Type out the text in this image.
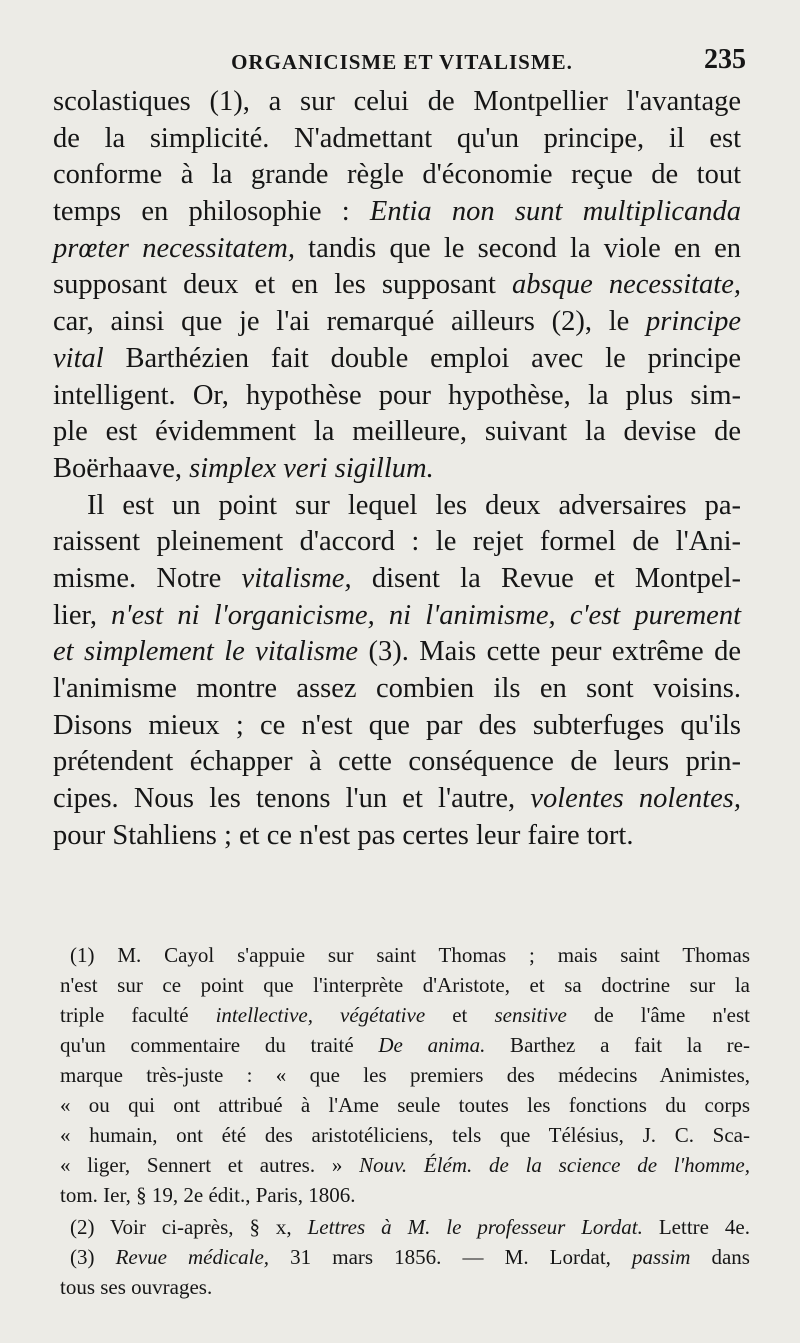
ORGANICISME ET VITALISME.	235
scolastiques (1), a sur celui de Montpellier l'avantage
de la simplicité. N'admettant qu'un principe, il est
conforme à la grande règle d'économie reçue de tout
temps en philosophie : Entia non sunt multiplicanda
prœter necessitatem, tandis que le second la viole en en
supposant deux et en les supposant absque necessitate,
car, ainsi que je l'ai remarqué ailleurs (2), le principe
vital Barthézien fait double emploi avec le principe
intelligent. Or, hypothèse pour hypothèse, la plus sim-
ple est évidemment la meilleure, suivant la devise de
Boërhaave, simplex veri sigillum.
Il est un point sur lequel les deux adversaires pa-
raissent pleinement d'accord : le rejet formel de l'Ani-
misme. Notre vitalisme, disent la Revue et Montpel-
lier, n'est ni l'organicisme, ni l'animisme, c'est purement
et simplement le vitalisme (3). Mais cette peur extrême de
l'animisme montre assez combien ils en sont voisins.
Disons mieux ; ce n'est que par des subterfuges qu'ils
prétendent échapper à cette conséquence de leurs prin-
cipes. Nous les tenons l'un et l'autre, volentes nolentes,
pour Stahliens ; et ce n'est pas certes leur faire tort.
(1) M. Cayol s'appuie sur saint Thomas ; mais saint Thomas
n'est sur ce point que l'interprète d'Aristote, et sa doctrine sur la
triple faculté intellective, végétative et sensitive de l'âme n'est
qu'un commentaire du traité De anima. Barthez a fait la re-
marque très-juste : « que les premiers des médecins Animistes,
« ou qui ont attribué à l'Ame seule toutes les fonctions du corps
« humain, ont été des aristotéliciens, tels que Télésius, J. C. Sca-
« liger, Sennert et autres. » Nouv. Élém. de la science de l'homme,
tom. Ier, § 19, 2e édit., Paris, 1806.
(2) Voir ci-après, § x, Lettres à M. le professeur Lordat. Lettre 4e.
(3) Revue médicale, 31 mars 1856. — M. Lordat, passim dans
tous ses ouvrages.
